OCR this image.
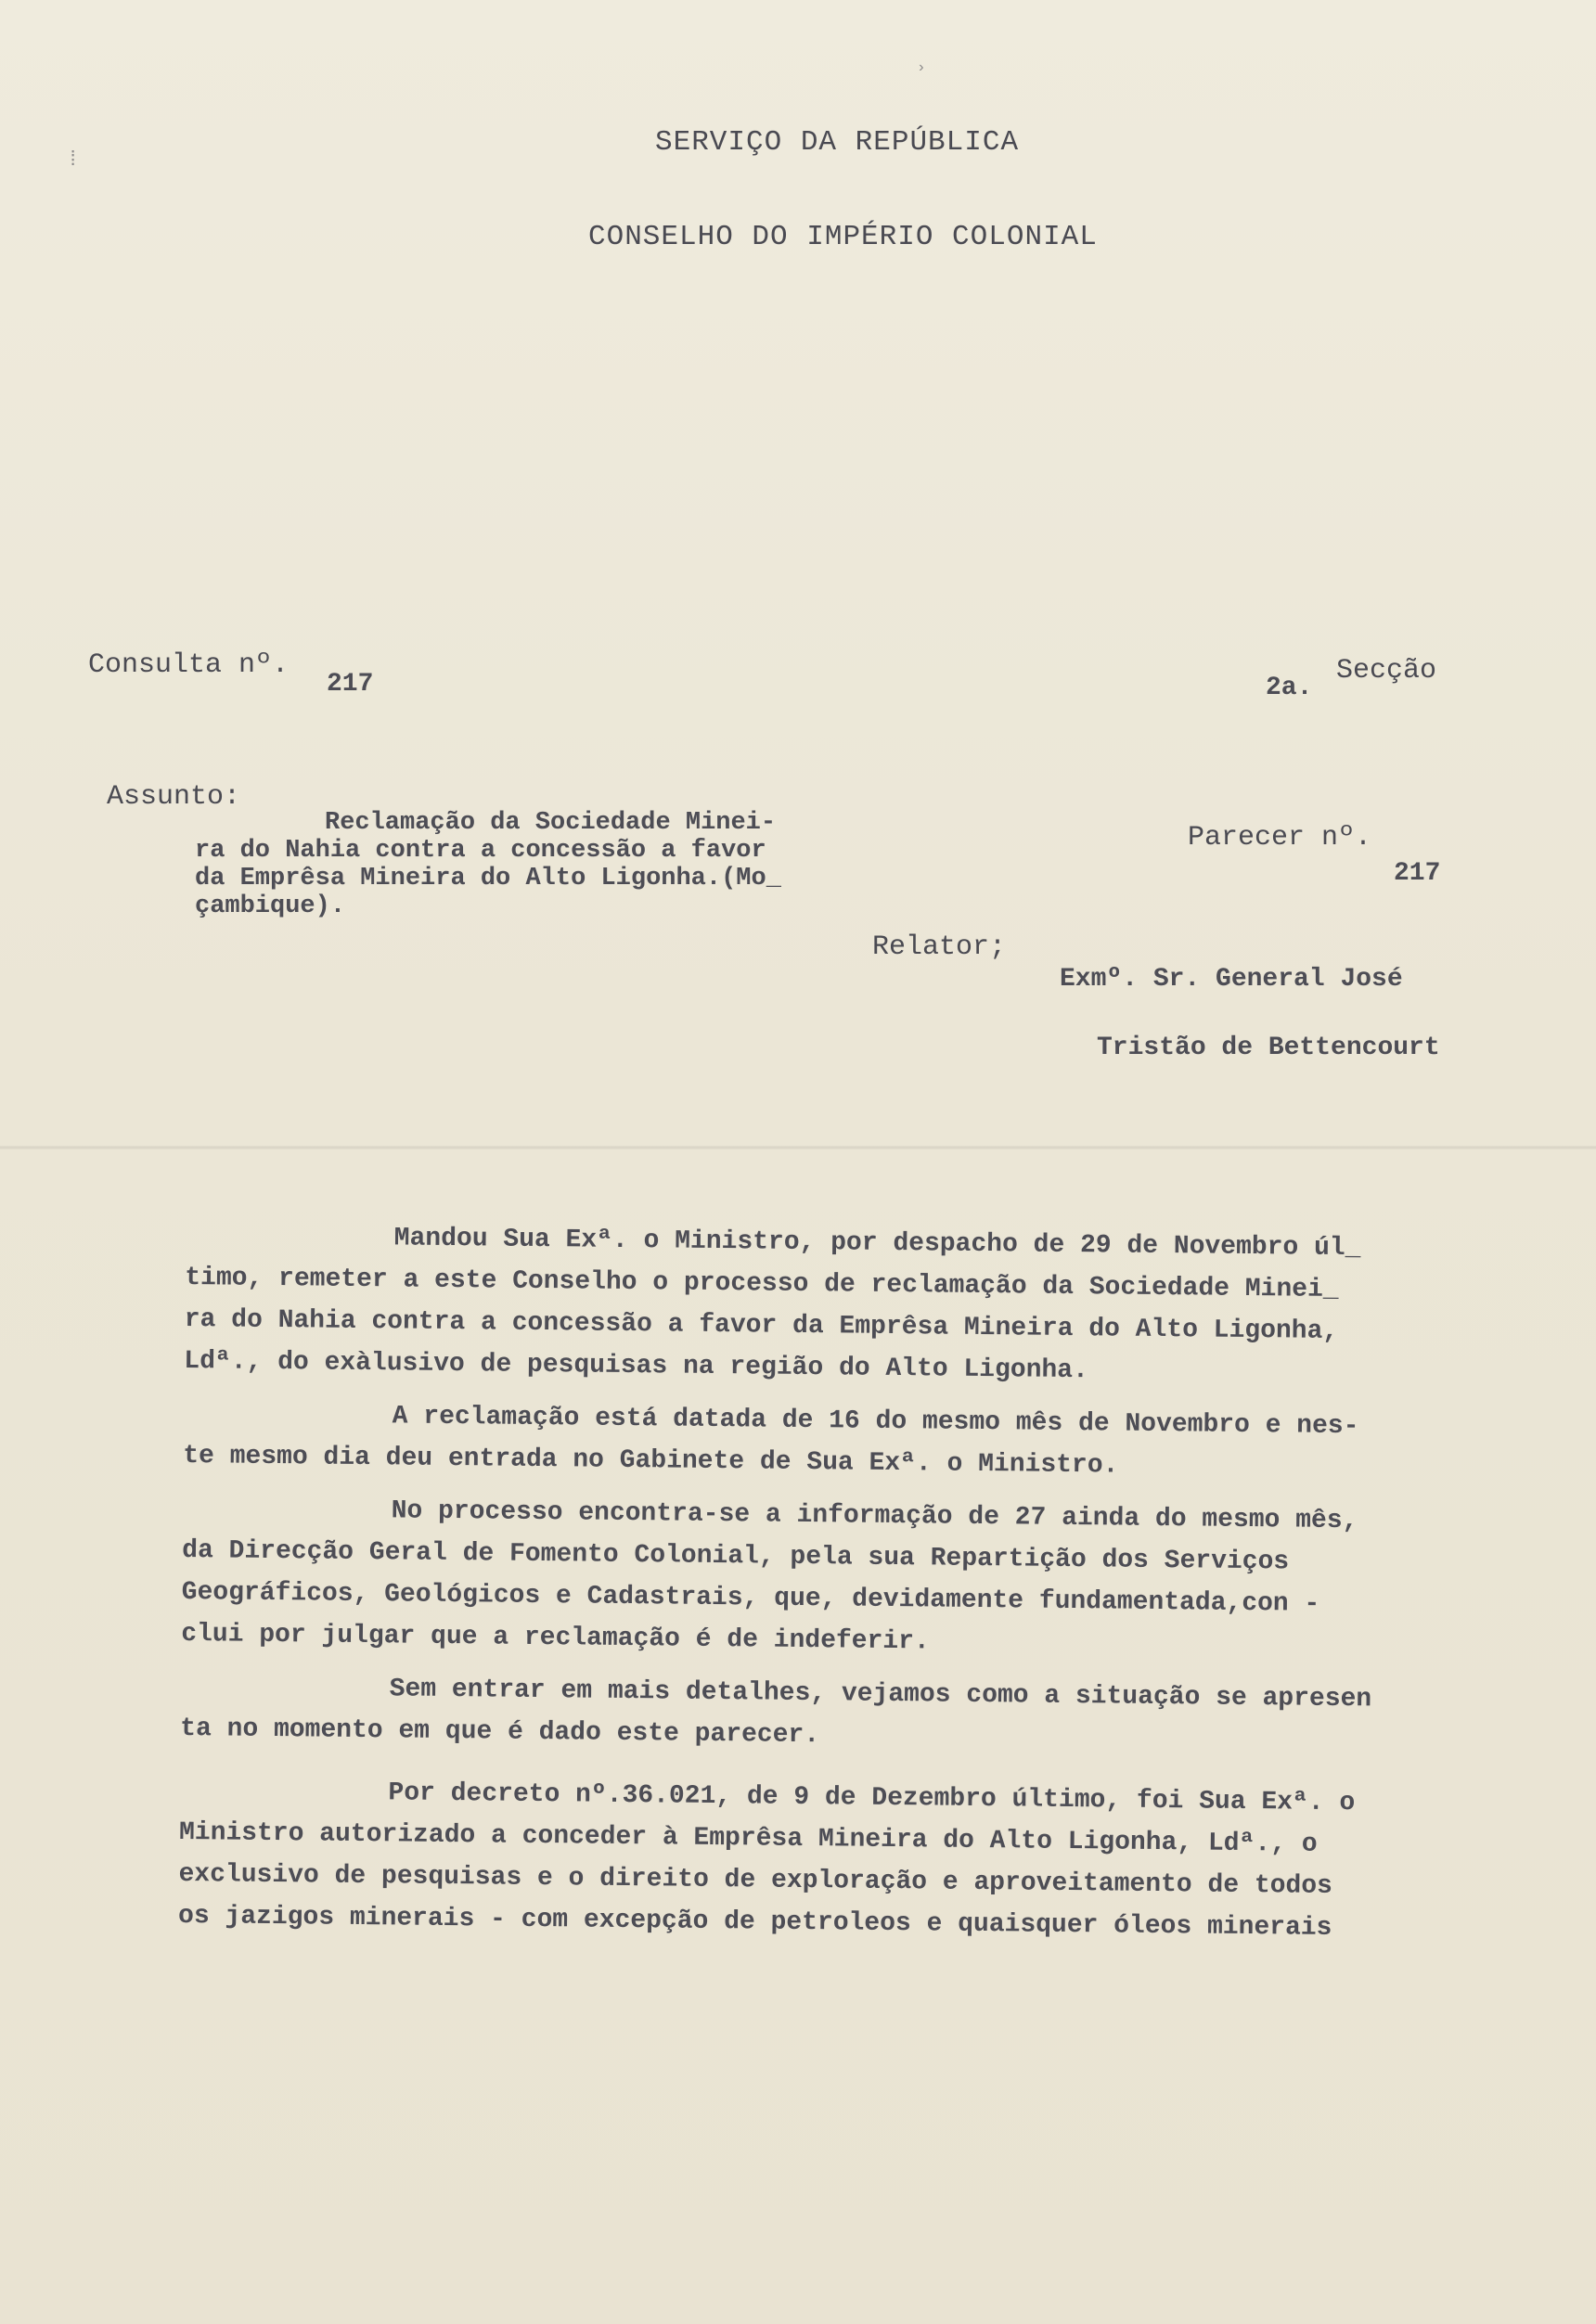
⁞
›
SERVIÇO DA REPÚBLICA
CONSELHO DO IMPÉRIO COLONIAL
Consulta nº.
217	2a.
Secção
Assunto:
Reclamação da Sociedade Minei-
ra do Nahia contra a concessão a favor
da Emprêsa Mineira do Alto Ligonha.(Mo_
çambique).
Parecer nº.
217
Relator;
Exmº. Sr. General José
Tristão de Bettencourt
Mandou Sua Exª. o Ministro, por despacho de 29 de Novembro úl_
timo, remeter a este Conselho o processo de reclamação da Sociedade Minei_
ra do Nahia contra a concessão a favor da Emprêsa Mineira do Alto Ligonha,
Ldª., do exàlusivo de pesquisas na região do Alto Ligonha.
A reclamação está datada de 16 do mesmo mês de Novembro e nes-
te mesmo dia deu entrada no Gabinete de Sua Exª. o Ministro.
No processo encontra-se a informação de 27 ainda do mesmo mês,
da Direcção Geral de Fomento Colonial, pela sua Repartição dos Serviços
Geográficos, Geológicos e Cadastrais, que, devidamente fundamentada,con -
clui por julgar que a reclamação é de indeferir.
Sem entrar em mais detalhes, vejamos como a situação se apresen
ta no momento em que é dado este parecer.
Por decreto nº.36.021, de 9 de Dezembro último, foi Sua Exª. o
Ministro autorizado a conceder à Emprêsa Mineira do Alto Ligonha, Ldª., o
exclusivo de pesquisas e o direito de exploração e aproveitamento de todos
os jazigos minerais - com excepção de petroleos e quaisquer óleos minerais
